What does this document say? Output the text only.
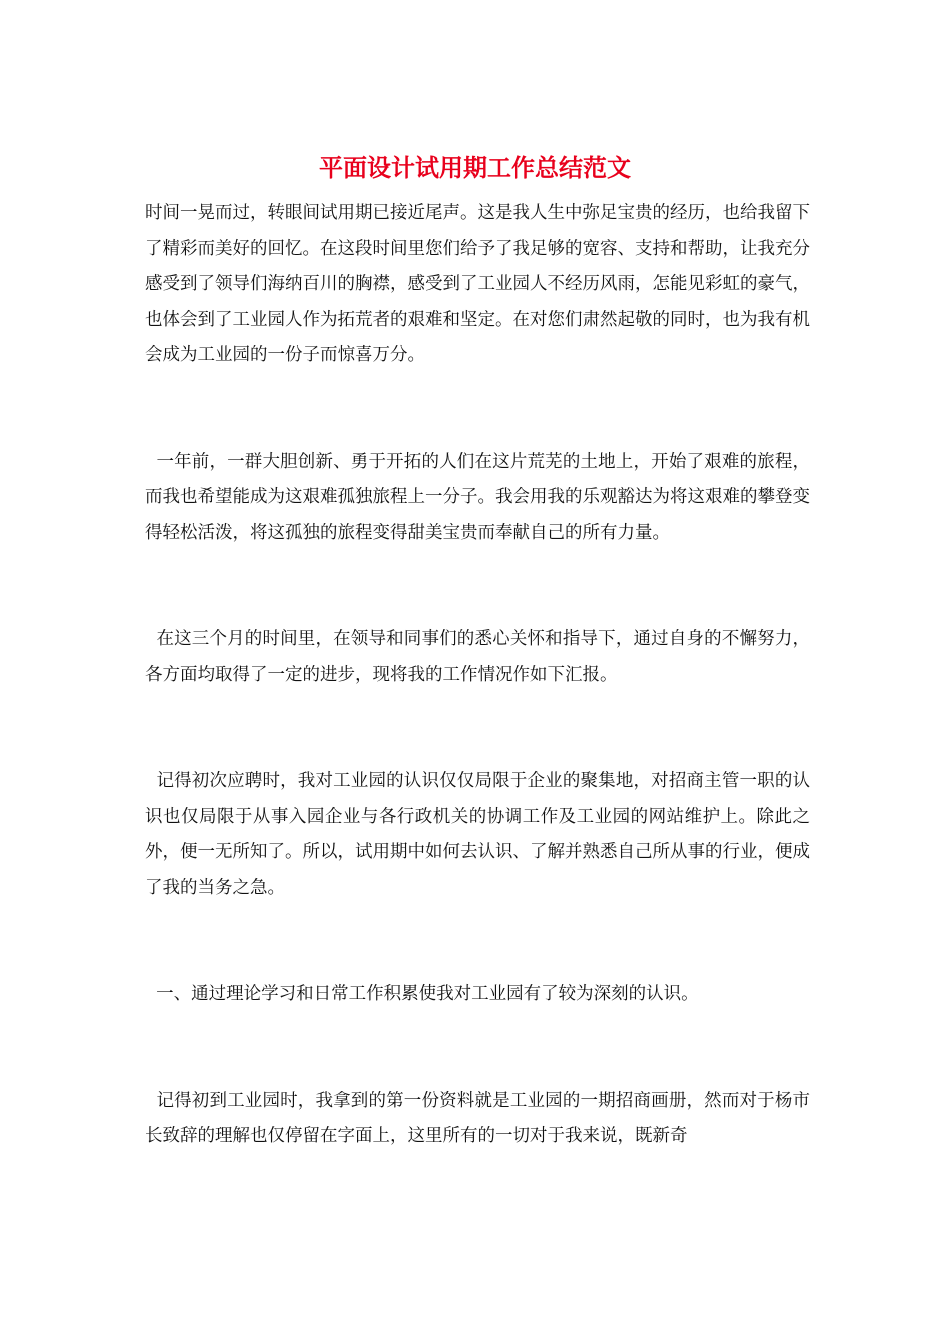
平面设计试用期工作总结范文

时间一晃而过，转眼间试用期已接近尾声。这是我人生中弥足宝贵的经历，也给我留下了精彩而美好的回忆。在这段时间里您们给予了我足够的宽容、支持和帮助，让我充分感受到了领导们海纳百川的胸襟，感受到了工业园人不经历风雨，怎能见彩虹的豪气，也体会到了工业园人作为拓荒者的艰难和坚定。在对您们肃然起敬的同时，也为我有机会成为工业园的一份子而惊喜万分。

一年前，一群大胆创新、勇于开拓的人们在这片荒芜的土地上，开始了艰难的旅程，而我也希望能成为这艰难孤独旅程上一分子。我会用我的乐观豁达为将这艰难的攀登变得轻松活泼，将这孤独的旅程变得甜美宝贵而奉献自己的所有力量。

在这三个月的时间里，在领导和同事们的悉心关怀和指导下，通过自身的不懈努力，各方面均取得了一定的进步，现将我的工作情况作如下汇报。

记得初次应聘时，我对工业园的认识仅仅局限于企业的聚集地，对招商主管一职的认识也仅局限于从事入园企业与各行政机关的协调工作及工业园的网站维护上。除此之外，便一无所知了。所以，试用期中如何去认识、了解并熟悉自己所从事的行业，便成了我的当务之急。

一、通过理论学习和日常工作积累使我对工业园有了较为深刻的认识。

记得初到工业园时，我拿到的第一份资料就是工业园的一期招商画册，然而对于杨市长致辞的理解也仅停留在字面上，这里所有的一切对于我来说，既新奇
